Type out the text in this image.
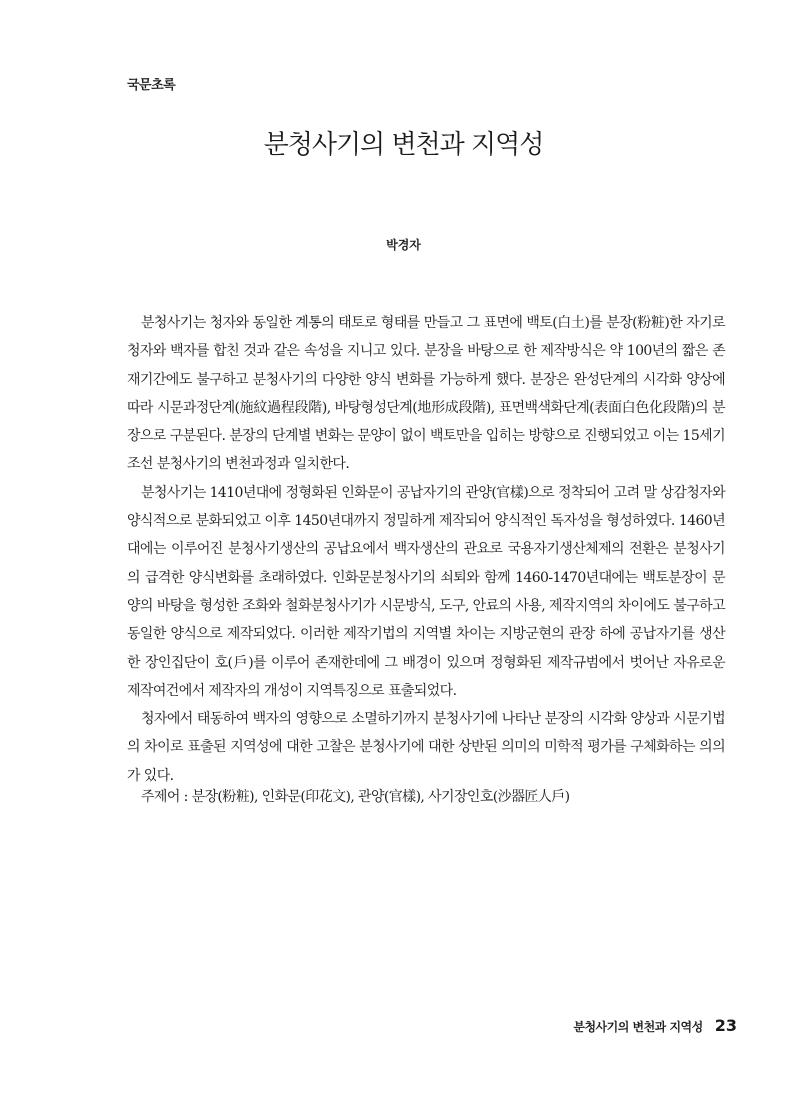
국문초록
분청사기의 변천과 지역성
박경자

분청사기는 청자와 동일한 계통의 태토로 형태를 만들고 그 표면에 백토(白土)를 분장(粉粧)한 자기로 청자와 백자를 합친 것과 같은 속성을 지니고 있다. 분장을 바탕으로 한 제작방식은 약 100년의 짧은 존재기간에도 불구하고 분청사기의 다양한 양식 변화를 가능하게 했다. 분장은 완성단계의 시각화 양상에 따라 시문과정단계(施紋過程段階), 바탕형성단계(地形成段階), 표면백색화단계(表面白色化段階)의 분장으로 구분된다. 분장의 단계별 변화는 문양이 없이 백토만을 입히는 방향으로 진행되었고 이는 15세기 조선 분청사기의 변천과정과 일치한다.

분청사기는 1410년대에 정형화된 인화문이 공납자기의 관양(官樣)으로 정착되어 고려 말 상감청자와 양식적으로 분화되었고 이후 1450년대까지 정밀하게 제작되어 양식적인 독자성을 형성하였다. 1460년대에는 이루어진 분청사기생산의 공납요에서 백자생산의 관요로 국용자기생산체제의 전환은 분청사기의 급격한 양식변화를 초래하였다. 인화문분청사기의 쇠퇴와 함께 1460-1470년대에는 백토분장이 문양의 바탕을 형성한 조화와 철화분청사기가 시문방식, 도구, 안료의 사용, 제작지역의 차이에도 불구하고 동일한 양식으로 제작되었다. 이러한 제작기법의 지역별 차이는 지방군현의 관장 하에 공납자기를 생산한 장인집단이 호(戶)를 이루어 존재한데에 그 배경이 있으며 정형화된 제작규범에서 벗어난 자유로운 제작여건에서 제작자의 개성이 지역특징으로 표출되었다.

청자에서 태동하여 백자의 영향으로 소멸하기까지 분청사기에 나타난 분장의 시각화 양상과 시문기법의 차이로 표출된 지역성에 대한 고찰은 분청사기에 대한 상반된 의미의 미학적 평가를 구체화하는 의의가 있다.

주제어 : 분장(粉粧), 인화문(印花文), 관양(官樣), 사기장인호(沙器匠人戶)
분청사기의 변천과 지역성 23
